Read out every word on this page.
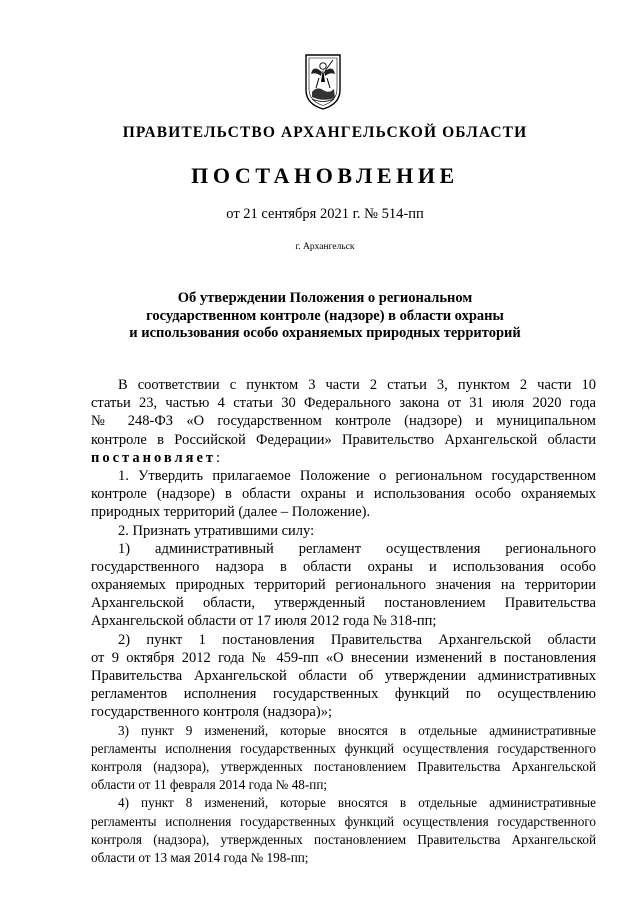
ПРАВИТЕЛЬСТВО АРХАНГЕЛЬСКОЙ ОБЛАСТИ
ПОСТАНОВЛЕНИЕ
от 21 сентября 2021 г. № 514-пп
г. Архангельск
Об утверждении Положения о региональном
государственном контроле (надзоре) в области охраны
и использования особо охраняемых природных территорий
В соответствии с пунктом 3 части 2 статьи 3, пунктом 2 части 10
статьи 23, частью 4 статьи 30 Федерального закона от 31 июля 2020 года
№ 248-ФЗ «О государственном контроле (надзоре) и муниципальном
контроле в Российской Федерации» Правительство Архангельской области
постановляет:
1. Утвердить прилагаемое Положение о региональном государственном
контроле (надзоре) в области охраны и использования особо охраняемых
природных территорий (далее – Положение).
2. Признать утратившими силу:
1) административный регламент осуществления регионального
государственного надзора в области охраны и использования особо
охраняемых природных территорий регионального значения на территории
Архангельской области, утвержденный постановлением Правительства
Архангельской области от 17 июля 2012 года № 318-пп;
2) пункт 1 постановления Правительства Архангельской области
от 9 октября 2012 года № 459-пп «О внесении изменений в постановления
Правительства Архангельской области об утверждении административных
регламентов исполнения государственных функций по осуществлению
государственного контроля (надзора)»;
3) пункт 9 изменений, которые вносятся в отдельные административные
регламенты исполнения государственных функций осуществления государственного
контроля (надзора), утвержденных постановлением Правительства Архангельской
области от 11 февраля 2014 года № 48-пп;
4) пункт 8 изменений, которые вносятся в отдельные административные
регламенты исполнения государственных функций осуществления государственного
контроля (надзора), утвержденных постановлением Правительства Архангельской
области от 13 мая 2014 года № 198-пп;
